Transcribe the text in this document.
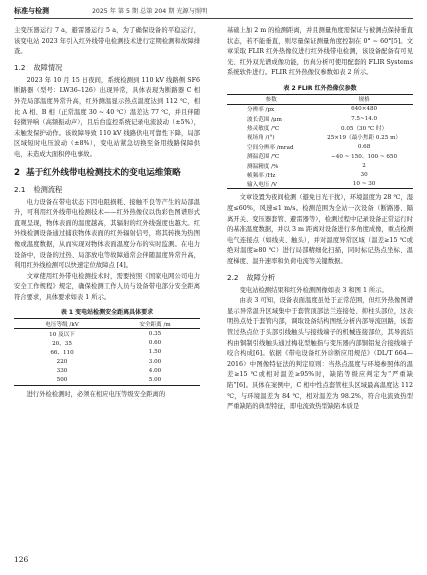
标准与检测	2025 年 第 5 期 总第 204 期 光源与照明

主变压器运行 7 a，避雷器运行 5 a，为了确保设备的平稳运行，该变电站 2023 年引入红外线带电检测技术进行定期检测和故障排查。

1.2 故障情况

2023 年 10 月 15 日夜间，系统检测到 110 kV 线路侧 SF6 断路器（型号：LW36–126）出现异常，具体表现为断路器 C 相外壳局部温度异常升高，红外测温显示热点温度达到 112 ℃，相比 A 相、B 相（正常温度 30 ~ 40 ℃）温差达 77 ℃，并且伴随轻微异响（高频振动声），且后台监控系统记录电流波动（±5%），未触发保护动作。该故障导致 110 kV 线路供电可靠性下降，局部区域短时电压波动（±8%），变电站紧急切换至备用线路保障供电，未造成大面积停电事故。

2 基于红外线带电检测技术的变电运维策略
2.1 检测流程

电力设备在带电状态下因电阻损耗、接触不良等产生的局部温升，可利用红外线带电检测技术——红外热像仪以伪彩色图谱形式直观呈现，物体表面的温度越高，其辐射的红外线强度也越大。红外线检测设备通过捕获物体表面的红外辐射信号，将其转换为热图像或温度数据，从而实现对物体表面温度分布的实时监测。在电力设备中，设备的过热、局部放电等故障通常会伴随温度异常升高，利用红外线检测可以快速定位故障点 [4]。

文章使用红外带电检测技术时，需要按照《国家电网公司电力安全工作规程》规定，确保检测工作人员与设备带电部分安全距离符合要求，具体要求如表 1 所示。

表 1 变电站检测安全距离具体要求
电压等级 /kV	安全距离 /m
10 及以下	0.35
20、35	0.60
66、110	1.50
220	3.00
330	4.00
500	5.00

进行外检检测时，必须在相应电压等级安全距离的

基础上加 2 m 的检测距离，并且测量角度需保证与被测点保持垂直状态，若不能垂直，则尽量保证测量角度控制在 0° ~ 60°[5]。文章采取 FLIR 红外热像仪进行红外线带电检测，该设备配备有可见光、红外双光谱成像功能，仿真分析可使用配套的 FLIR Systems 系统软件进行。FLIR 红外热像仪参数如表 2 所示。

表 2 FLIR 红外热像仪参数
参数	规格
分辨率 /px	640×480
波长范围 /μm	7.5~14.0
热灵敏度 /℃	0.05（30 ℃ 时）
视场角 /(°)	25×19（最小焦距 0.25 m）
空间分辨率 /mrad	0.68
测温范围 /℃	−40 ~ 150、100 ~ 650
测温精度 /%	2
帧频率 /Hz	30
输入电压 /V	10 ~ 30

文章设置为夜间检测（避免日光干扰），环境温度为 28 ℃，湿度≤60%，风速≤1 m/s。检测范围为全站一次设备（断路器、隔离开关、变压器套管、避雷器等），检测过程中记录设备正常运行时的基准温度数据，并以 3 m 距离对设备进行多角度成像，重点检测电气连接点（如线夹、触头），并对温度异常区域（温差≥15 ℃或绝对温度≥80 ℃）进行局部精细化扫描，同时标记热点坐标、温度梯度、温升速率和负荷电流等关键数据。

2.2 故障分析

变电站检测结果和红外检测图像如表 3 和图 1 所示。

由表 3 可知，设备表面温度虽处于正常范围，但红外热像图谱显示异常温升区域集中于套管顶部法兰连接处、抑柱头部位，这表明热点处于套管内部，调取设备结构图纸分析内部导流回路，该套管过热点位于头部引线触头与接线端子的机械连接部位，其导流结构由铜制引线触头通过梅花型触指与变压器内部铜铝复合接线端子咬合构成[6]。依据《带电设备红外诊断应用规范》（DL/T 664—2016）中图像特征法的判定原则：当热点温度与环境参照体的温差≥15 ℃或相对温差≥95%时，缺陷等级应判定为“严重缺陷”[6]。具体在案例中，C 相中性点套管柱头区域最高温度达 112 ℃，与环境温差为 84 ℃，相对温差为 98.2%，符合电流致热型严重缺陷的典型特征，即电流致热型缺陷本质是

126
